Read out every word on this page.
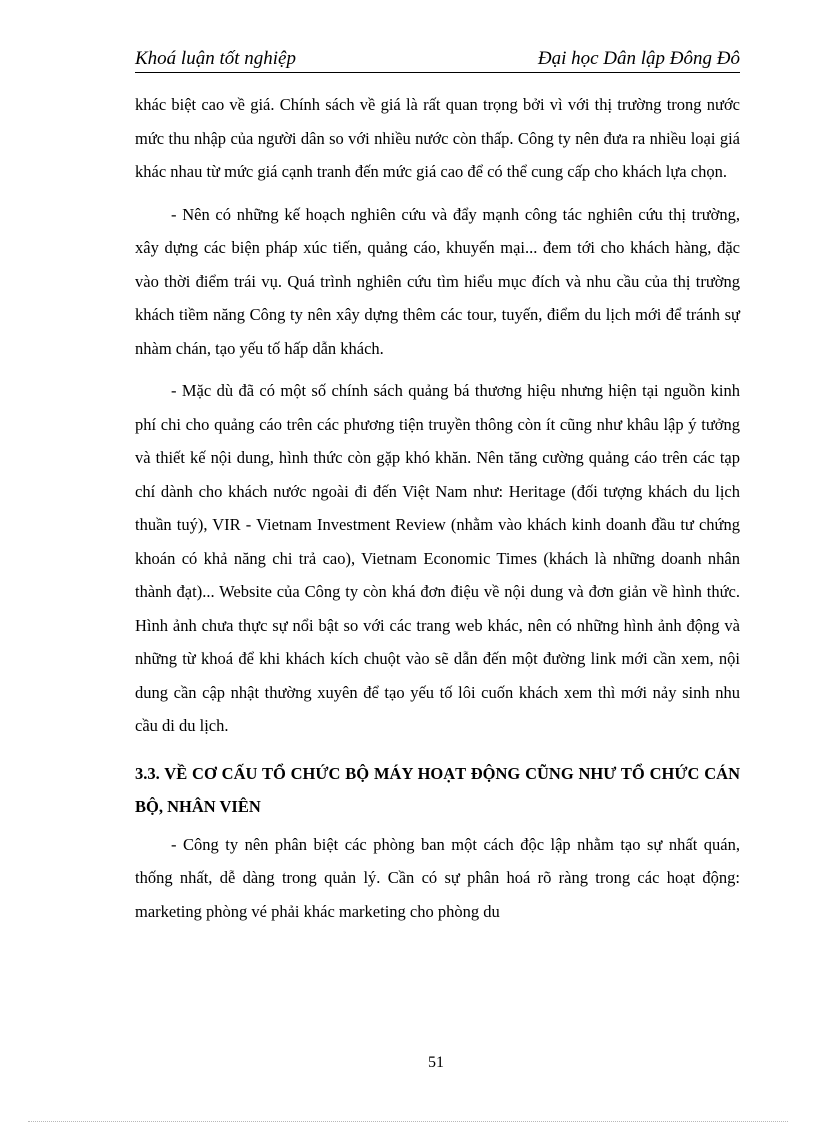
Khoá luận tốt nghiệp	Đại học Dân lập Đông Đô

khác biệt cao về giá. Chính sách về giá là rất quan trọng bởi vì với thị trường trong nước mức thu nhập của người dân so với nhiều nước còn thấp. Công ty nên đưa ra nhiều loại giá khác nhau từ mức giá cạnh tranh đến mức giá cao để có thể cung cấp cho khách lựa chọn.

- Nên có những kế hoạch nghiên cứu và đẩy mạnh công tác nghiên cứu thị trường, xây dựng các biện pháp xúc tiến, quảng cáo, khuyến mại... đem tới cho khách hàng, đặc vào thời điểm trái vụ. Quá trình nghiên cứu tìm hiểu mục đích và nhu cầu của thị trường khách tiềm năng Công ty nên xây dựng thêm các tour, tuyến, điểm du lịch mới để tránh sự nhàm chán, tạo yếu tố hấp dẫn khách.

- Mặc dù đã có một số chính sách quảng bá thương hiệu nhưng hiện tại nguồn kinh phí chi cho quảng cáo trên các phương tiện truyền thông còn ít cũng như khâu lập ý tưởng và thiết kế nội dung, hình thức còn gặp khó khăn. Nên tăng cường quảng cáo trên các tạp chí dành cho khách nước ngoài đi đến Việt Nam như: Heritage (đối tượng khách du lịch thuần tuý), VIR - Vietnam Investment Review (nhằm vào khách kinh doanh đầu tư chứng khoán có khả năng chi trả cao), Vietnam Economic Times (khách là những doanh nhân thành đạt)... Website của Công ty còn khá đơn điệu về nội dung và đơn giản về hình thức. Hình ảnh chưa thực sự nổi bật so với các trang web khác, nên có những hình ảnh động và những từ khoá để khi khách kích chuột vào sẽ dẫn đến một đường link mới cần xem, nội dung cần cập nhật thường xuyên để tạo yếu tố lôi cuốn khách xem thì mới nảy sinh nhu cầu di du lịch.

3.3. VỀ CƠ CẤU TỔ CHỨC BỘ MÁY HOẠT ĐỘNG CŨNG NHƯ TỔ CHỨC CÁN BỘ, NHÂN VIÊN

- Công ty nên phân biệt các phòng ban một cách độc lập nhằm tạo sự nhất quán, thống nhất, dễ dàng trong quản lý. Cần có sự phân hoá rõ ràng trong các hoạt động: marketing phòng vé phải khác marketing cho phòng du

51
